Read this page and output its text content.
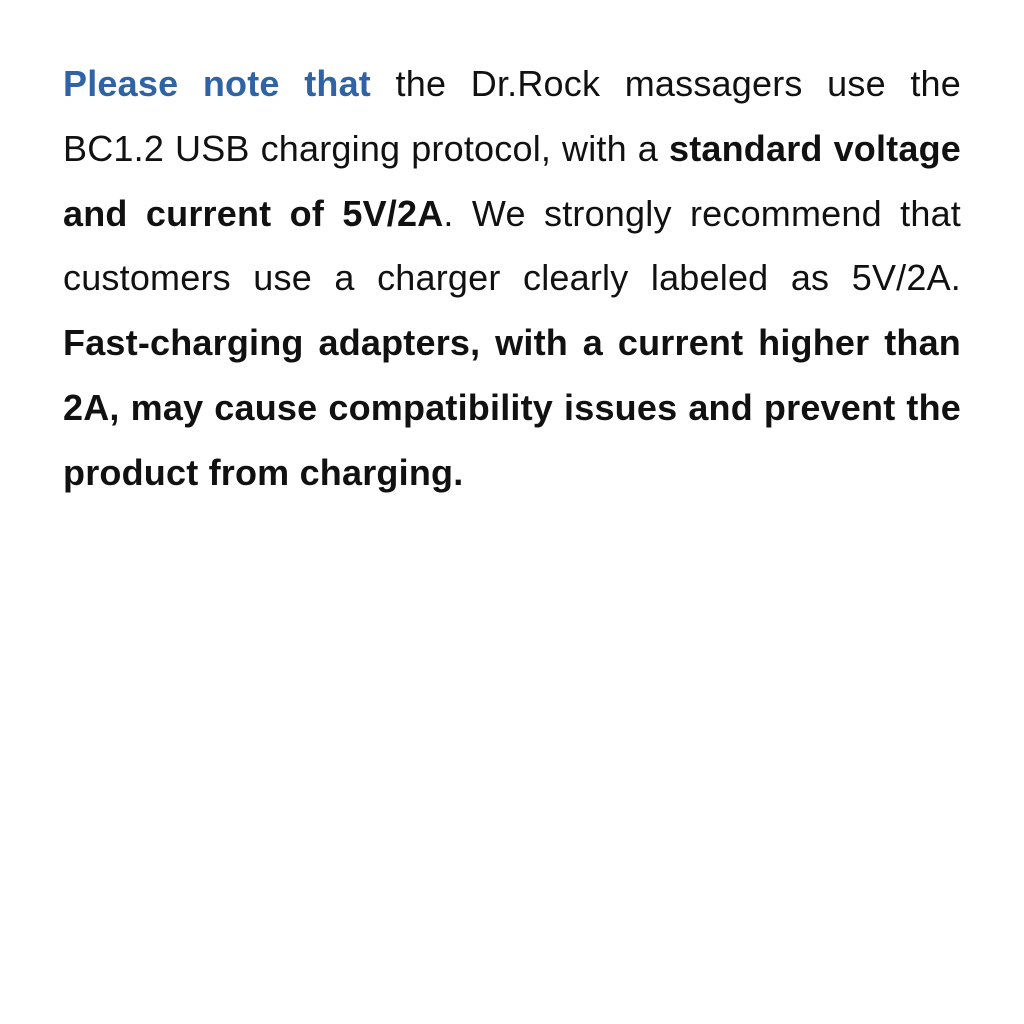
Please note that the Dr.Rock massagers use the BC1.2 USB charging protocol, with a standard voltage and current of 5V/2A. We strongly recommend that customers use a charger clearly labeled as 5V/2A. Fast-charging adapters, with a current higher than 2A, may cause compatibility issues and prevent the product from charging.
